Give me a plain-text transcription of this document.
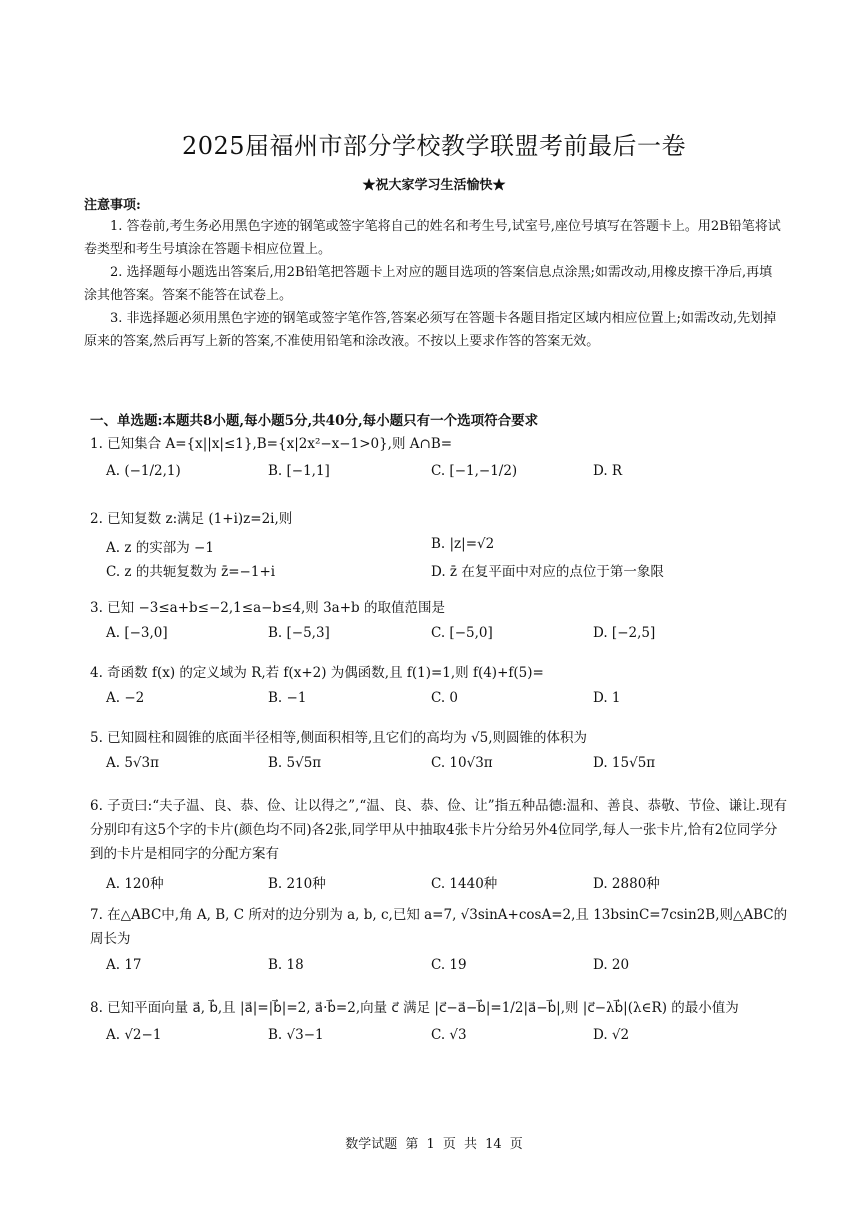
2025届福州市部分学校教学联盟考前最后一卷
★祝大家学习生活愉快★
注意事项:

1. 答卷前,考生务必用黑色字迹的钢笔或签字笔将自己的姓名和考生号,试室号,座位号填写在答题卡上。用2B铅笔将试卷类型和考生号填涂在答题卡相应位置上。

2. 选择题每小题选出答案后,用2B铅笔把答题卡上对应的题目选项的答案信息点涂黑;如需改动,用橡皮擦干净后,再填涂其他答案。答案不能答在试卷上。

3. 非选择题必须用黑色字迹的钢笔或签字笔作答,答案必须写在答题卡各题目指定区域内相应位置上;如需改动,先划掉原来的答案,然后再写上新的答案,不准使用铅笔和涂改液。不按以上要求作答的答案无效。

一、单选题:本题共8小题,每小题5分,共40分,每小题只有一个选项符合要求
1. 已知集合 A={x||x|≤1},B={x|2x²−x−1>0},则 A∩B=
A. (−1/2,1)	B. [−1,1]	C. [−1,−1/2)	D. R
2. 已知复数 z:满足 (1+i)z=2i,则
A. z 的实部为 −1	B. |z|=√2
C. z 的共轭复数为 z̄=−1+i	D. z̄ 在复平面中对应的点位于第一象限
3. 已知 −3≤a+b≤−2,1≤a−b≤4,则 3a+b 的取值范围是
A. [−3,0]	B. [−5,3]	C. [−5,0]	D. [−2,5]
4. 奇函数 f(x) 的定义域为 R,若 f(x+2) 为偶函数,且 f(1)=1,则 f(4)+f(5)=
A. −2	B. −1	C. 0	D. 1
5. 已知圆柱和圆锥的底面半径相等,侧面积相等,且它们的高均为 √5,则圆锥的体积为
A. 5√3π	B. 5√5π	C. 10√3π	D. 15√5π
6. 子贡曰:“夫子温、良、恭、俭、让以得之”,“温、良、恭、俭、让”指五种品德:温和、善良、恭敬、节俭、谦让.现有分别印有这5个字的卡片(颜色均不同)各2张,同学甲从中抽取4张卡片分给另外4位同学,每人一张卡片,恰有2位同学分到的卡片是相同字的分配方案有
A. 120种	B. 210种	C. 1440种	D. 2880种
7. 在△ABC中,角 A, B, C 所对的边分别为 a, b, c,已知 a=7, √3sinA+cosA=2,且 13bsinC=7csin2B,则△ABC的周长为
A. 17	B. 18	C. 19	D. 20
8. 已知平面向量 a⃗, b⃗,且 |a⃗|=|b⃗|=2, a⃗·b⃗=2,向量 c⃗ 满足 |c⃗−a⃗−b⃗|=1/2|a⃗−b⃗|,则 |c⃗−λb⃗|(λ∈R) 的最小值为
A. √2−1	B. √3−1	C. √3	D. √2
数学试题 第 1 页 共 14 页
